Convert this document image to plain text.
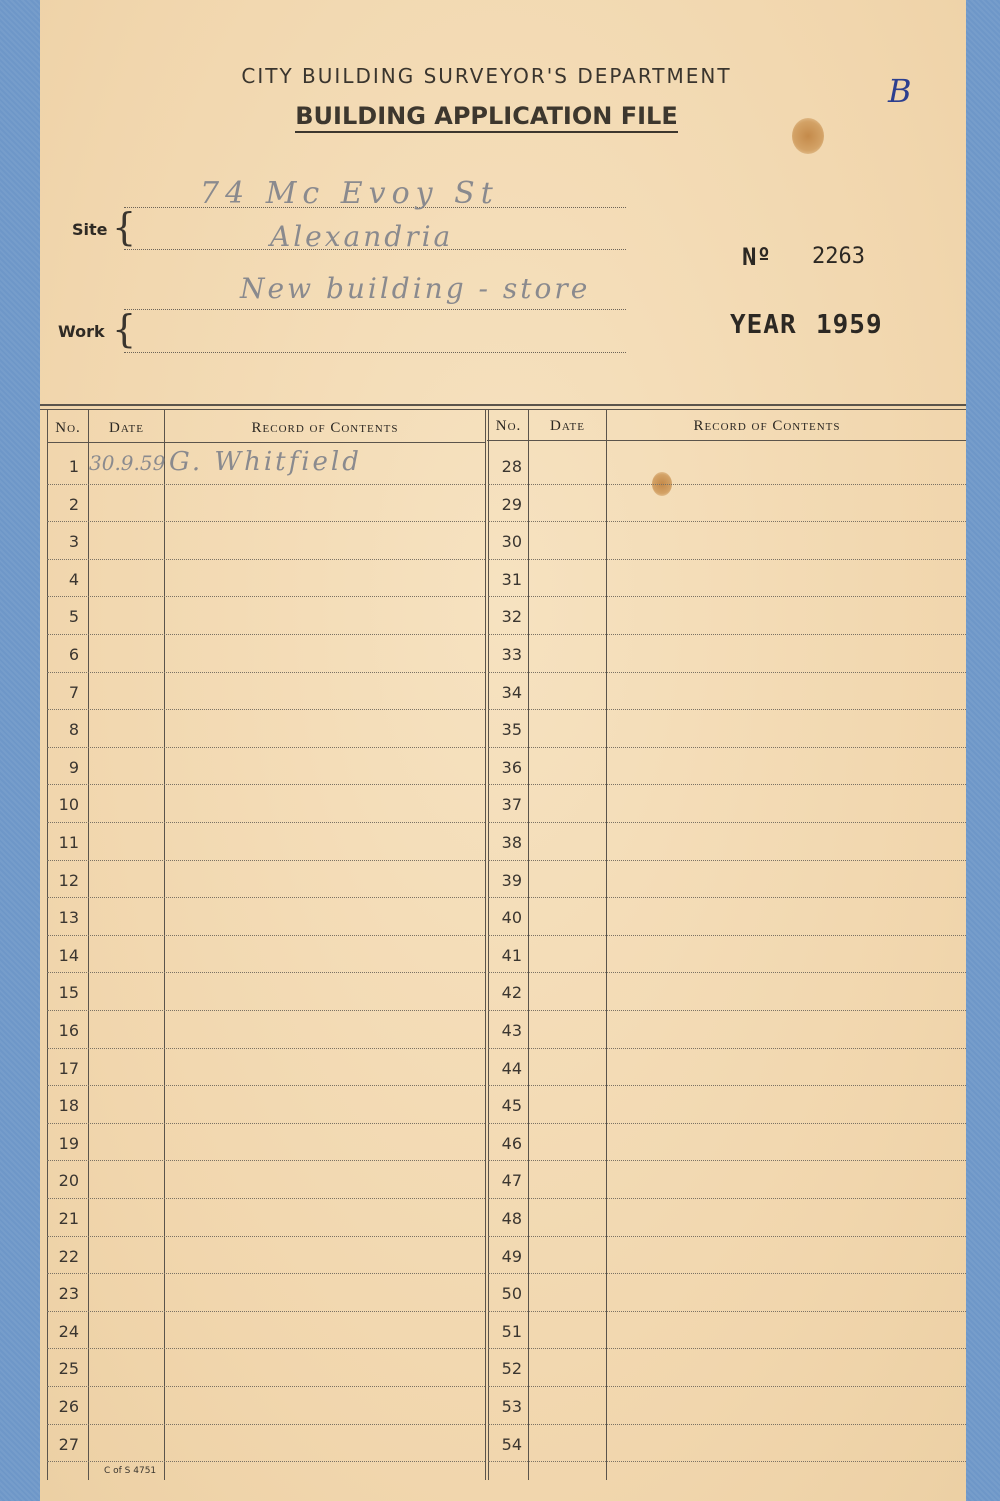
CITY BUILDING SURVEYOR'S DEPARTMENT
BUILDING APPLICATION FILE
B
Site {
74 Mc Evoy St
Alexandria
Work {
New building - store
Nº 2263
YEAR 1959
No.	Date	Record of Contents	No.	Date	Record of Contents
1 30.9.59 G. Whitfield
2
3
4
5
6
7
8
9
10
11
12
13
14
15
16
17
18
19
20
21
22
23
24
25
26
27
28
29
30
31
32
33
34
35
36
37
38
39
40
41
42
43
44
45
46
47
48
49
50
51
52
53
54
C of S 4751
